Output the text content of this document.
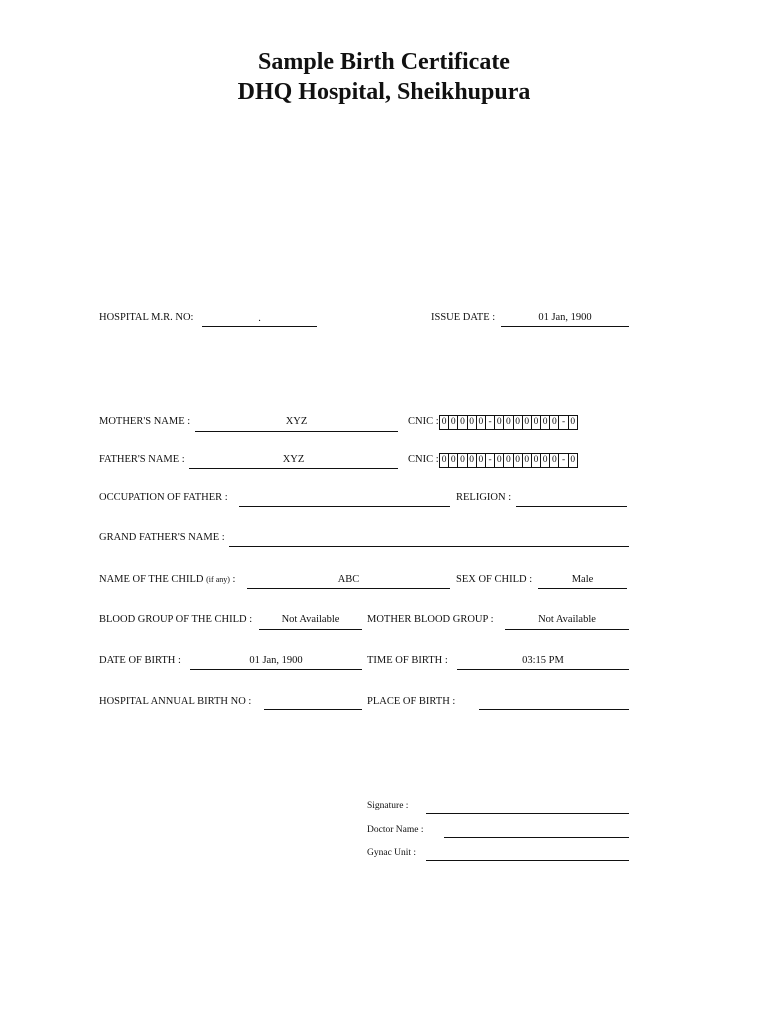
Sample Birth Certificate
DHQ Hospital, Sheikhupura
HOSPITAL M.R. NO:	.	ISSUE DATE :	01 Jan, 1900
MOTHER'S NAME :	XYZ	CNIC : 0 0 0 0 0 - 0 0 0 0 0 0 0 - 0
FATHER'S NAME :	XYZ	CNIC : 0 0 0 0 0 - 0 0 0 0 0 0 0 - 0
OCCUPATION OF FATHER :	RELIGION :
GRAND FATHER'S NAME :
NAME OF THE CHILD (if any) :	ABC	SEX OF CHILD :	Male
BLOOD GROUP OF THE CHILD :	Not Available	MOTHER BLOOD GROUP :	Not Available
DATE OF BIRTH :	01 Jan, 1900	TIME OF BIRTH :	03:15 PM
HOSPITAL ANNUAL BIRTH NO :	PLACE OF BIRTH :
Signature :
Doctor Name :
Gynac Unit :
